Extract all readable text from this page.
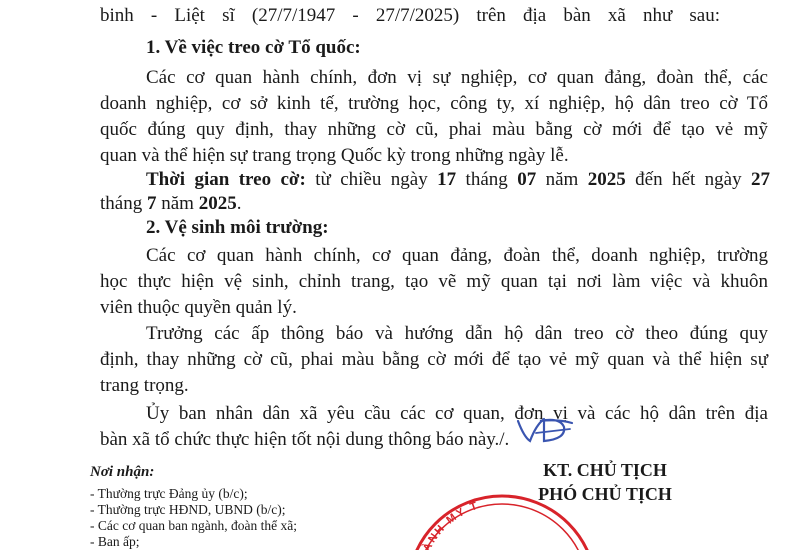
binh - Liệt sĩ (27/7/1947 - 27/7/2025) trên địa bàn xã như sau:
1. Về việc treo cờ Tổ quốc:
Các cơ quan hành chính, đơn vị sự nghiệp, cơ quan đảng, đoàn thể, các
doanh nghiệp, cơ sở kinh tế, trường học, công ty, xí nghiệp, hộ dân treo cờ Tổ
quốc đúng quy định, thay những cờ cũ, phai màu bằng cờ mới để tạo vẻ mỹ
quan và thể hiện sự trang trọng Quốc kỳ trong những ngày lễ.
Thời gian treo cờ: từ chiều ngày 17 tháng 07 năm 2025 đến hết ngày 27
tháng 7 năm 2025.
2. Vệ sinh môi trường:
Các cơ quan hành chính, cơ quan đảng, đoàn thể, doanh nghiệp, trường
học thực hiện vệ sinh, chỉnh trang, tạo vẽ mỹ quan tại nơi làm việc và khuôn
viên thuộc quyền quản lý.
Trưởng các ấp thông báo và hướng dẫn hộ dân treo cờ theo đúng quy
định, thay những cờ cũ, phai màu bằng cờ mới để tạo vẻ mỹ quan và thể hiện sự
trang trọng.
Ủy ban nhân dân xã yêu cầu các cơ quan, đơn vị và các hộ dân trên địa
bàn xã tổ chức thực hiện tốt nội dung thông báo này./.
Nơi nhận:
- Thường trực Đảng ủy (b/c);
- Thường trực HĐND, UBND (b/c);
- Các cơ quan ban ngành, đoàn thể xã;
- Ban ấp;
KT. CHỦ TỊCH
PHÓ CHỦ TỊCH
ÀNH MỸ T
